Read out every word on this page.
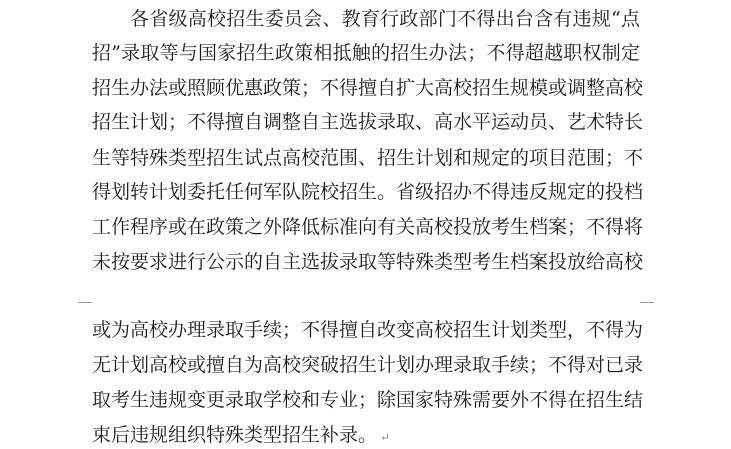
各省级高校招生委员会、教育行政部门不得出台含有违规“点
招”录取等与国家招生政策相抵触的招生办法；不得超越职权制定
招生办法或照顾优惠政策；不得擅自扩大高校招生规模或调整高校
招生计划；不得擅自调整自主选拔录取、高水平运动员、艺术特长
生等特殊类型招生试点高校范围、招生计划和规定的项目范围；不
得划转计划委托任何军队院校招生。省级招办不得违反规定的投档
工作程序或在政策之外降低标准向有关高校投放考生档案；不得将
未按要求进行公示的自主选拔录取等特殊类型考生档案投放给高校
或为高校办理录取手续；不得擅自改变高校招生计划类型，不得为
无计划高校或擅自为高校突破招生计划办理录取手续；不得对已录
取考生违规变更录取学校和专业；除国家特殊需要外不得在招生结
束后违规组织特殊类型招生补录。 ↵
